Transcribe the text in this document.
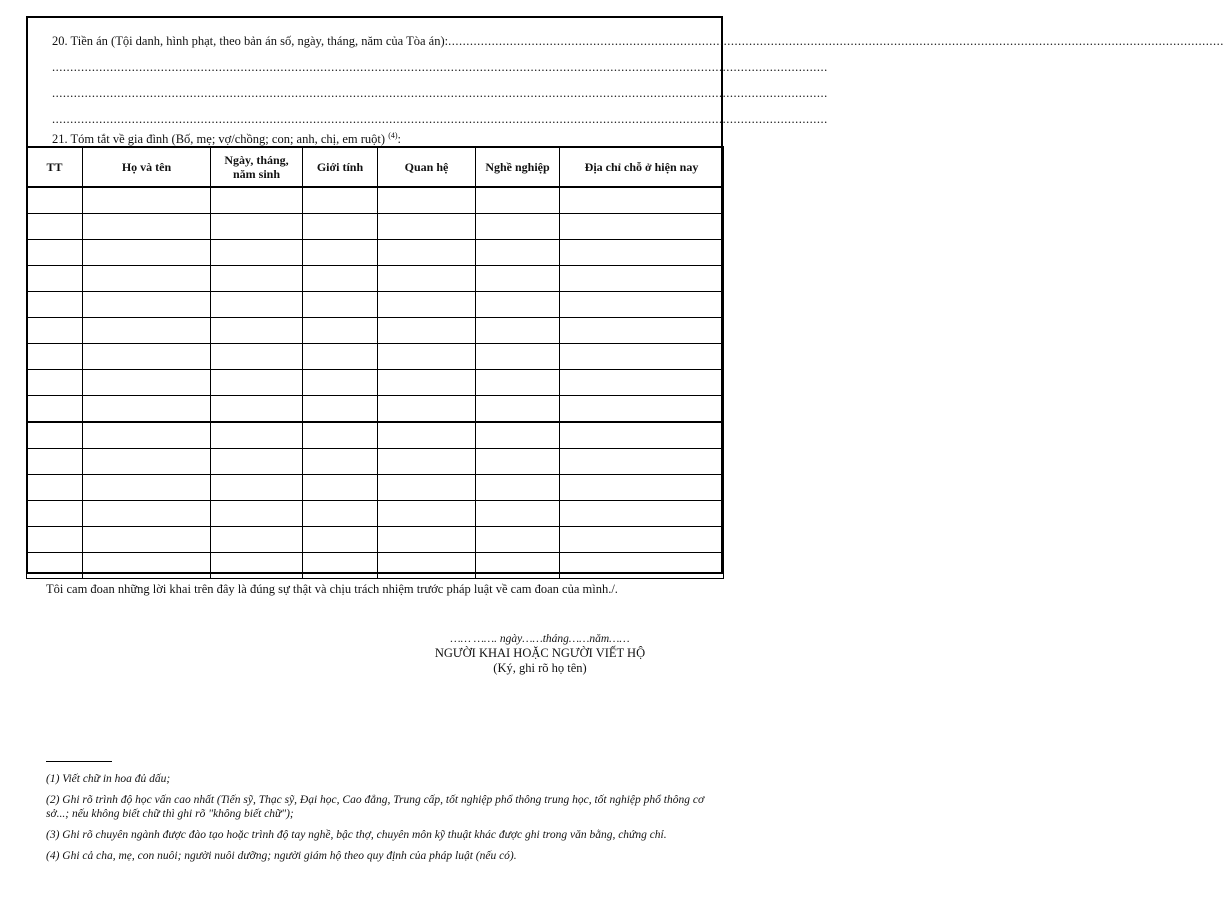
20. Tiền án (Tội danh, hình phạt, theo bản án số, ngày, tháng, năm của Tòa án): ......................................................................................................................................................................................................................
......................................................................................................................................................................................................................
......................................................................................................................................................................................................................
......................................................................................................................................................................................................................
21. Tóm tắt về gia đình (Bố, mẹ; vợ/chồng; con; anh, chị, em ruột) $^{(4)}$:
TT	Họ và tên	Ngày, tháng,
năm sinh	Giới tính	Quan hệ	Nghề nghiệp	Địa chỉ chỗ ở hiện nay

Tôi cam đoan những lời khai trên đây là đúng sự thật và chịu trách nhiệm trước pháp luật về cam đoan của mình./.
…… ……. ngày……tháng……năm……
NGƯỜI KHAI HOẶC NGƯỜI VIẾT HỘ
(Ký, ghi rõ họ tên)

(1) Viết chữ in hoa đủ dấu;

(2) Ghi rõ trình độ học vấn cao nhất (Tiến sỹ, Thạc sỹ, Đại học, Cao đẳng, Trung cấp, tốt nghiệp phổ thông trung học, tốt nghiệp phổ thông cơ sở...; nếu không biết chữ thì ghi rõ "không biết chữ");

(3) Ghi rõ chuyên ngành được đào tạo hoặc trình độ tay nghề, bậc thợ, chuyên môn kỹ thuật khác được ghi trong văn bằng, chứng chỉ.

(4) Ghi cả cha, mẹ, con nuôi; người nuôi dưỡng; người giám hộ theo quy định của pháp luật (nếu có).
